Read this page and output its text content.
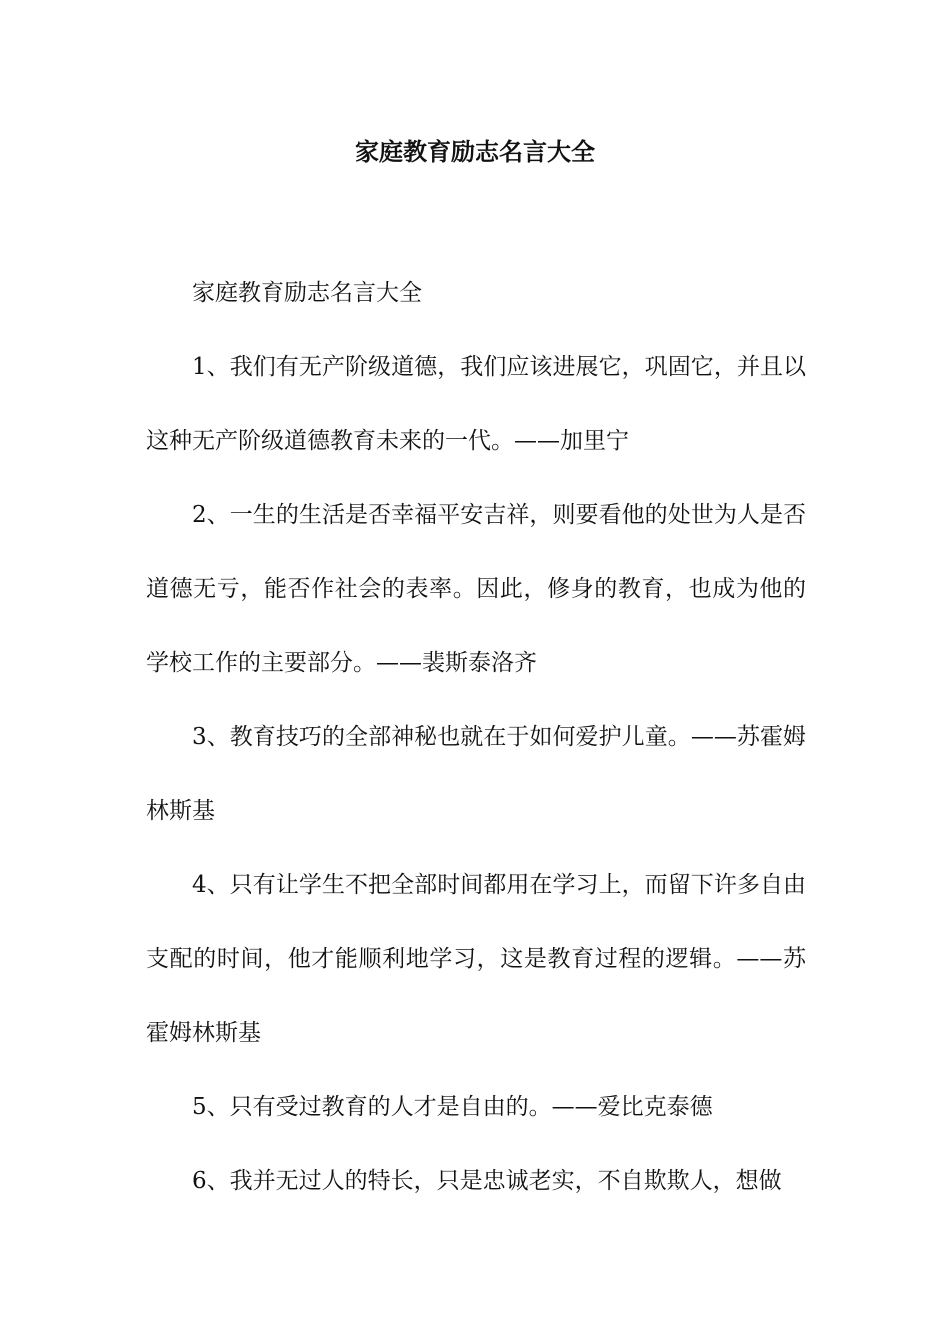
家庭教育励志名言大全

家庭教育励志名言大全

1、我们有无产阶级道德，我们应该进展它，巩固它，并且以这种无产阶级道德教育未来的一代。——加里宁

2、一生的生活是否幸福平安吉祥，则要看他的处世为人是否道德无亏，能否作社会的表率。因此，修身的教育，也成为他的学校工作的主要部分。——裴斯泰洛齐

3、教育技巧的全部神秘也就在于如何爱护儿童。——苏霍姆林斯基

4、只有让学生不把全部时间都用在学习上，而留下许多自由支配的时间，他才能顺利地学习，这是教育过程的逻辑。——苏霍姆林斯基

5、只有受过教育的人才是自由的。——爱比克泰德

6、我并无过人的特长，只是忠诚老实，不自欺欺人，想做
